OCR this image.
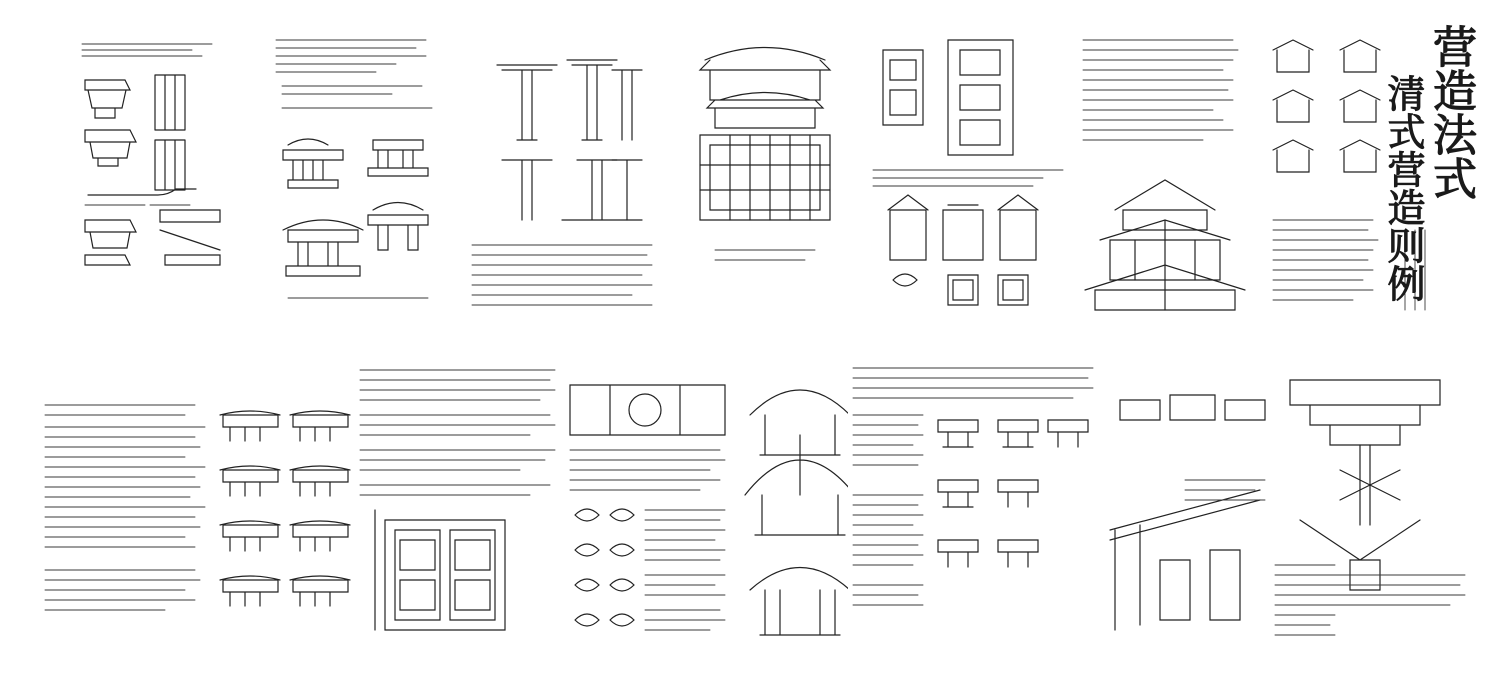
营造法式
清式营造则例
